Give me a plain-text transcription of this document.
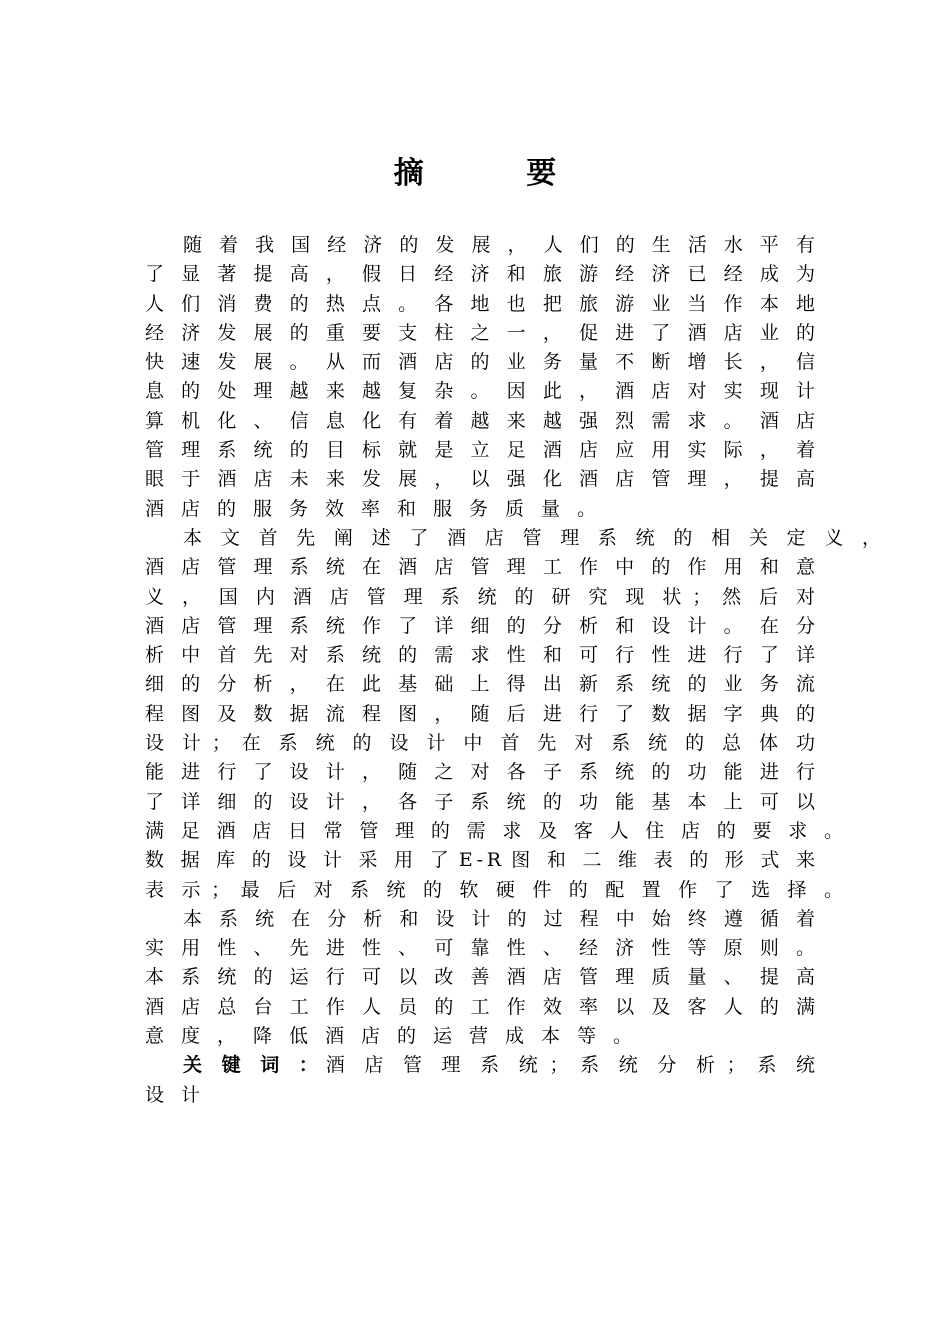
摘 要
随 着 我 国 经 济 的 发 展 ， 人 们 的 生 活 水 平 有
了 显 著 提 高 ， 假 日 经 济 和 旅 游 经 济 已 经 成 为
人 们 消 费 的 热 点 。 各 地 也 把 旅 游 业 当 作 本 地
经 济 发 展 的 重 要 支 柱 之 一 ， 促 进 了 酒 店 业 的
快 速 发 展 。 从 而 酒 店 的 业 务 量 不 断 增 长 ， 信
息 的 处 理 越 来 越 复 杂 。 因 此 ， 酒 店 对 实 现 计
算 机 化 、 信 息 化 有 着 越 来 越 强 烈 需 求 。 酒 店
管 理 系 统 的 目 标 就 是 立 足 酒 店 应 用 实 际 ， 着
眼 于 酒 店 未 来 发 展 ， 以 强 化 酒 店 管 理 ， 提 高
酒店的服务效率和服务质量。
本 文 首 先 阐 述 了 酒 店 管 理 系 统 的 相 关 定 义 ，
酒 店 管 理 系 统 在 酒 店 管 理 工 作 中 的 作 用 和 意
义 ， 国 内 酒 店 管 理 系 统 的 研 究 现 状 ； 然 后 对
酒 店 管 理 系 统 作 了 详 细 的 分 析 和 设 计 。 在 分
析 中 首 先 对 系 统 的 需 求 性 和 可 行 性 进 行 了 详
细 的 分 析 ， 在 此 基 础 上 得 出 新 系 统 的 业 务 流
程 图 及 数 据 流 程 图 ， 随 后 进 行 了 数 据 字 典 的
设 计 ； 在 系 统 的 设 计 中 首 先 对 系 统 的 总 体 功
能 进 行 了 设 计 ， 随 之 对 各 子 系 统 的 功 能 进 行
了 详 细 的 设 计 ， 各 子 系 统 的 功 能 基 本 上 可 以
满 足 酒 店 日 常 管 理 的 需 求 及 客 人 住 店 的 要 求 。
数 据 库 的 设 计 采 用 了 E - R 图 和 二 维 表 的 形 式 来
表 示 ； 最 后 对 系 统 的 软 硬 件 的 配 置 作 了 选 择 。
本 系 统 在 分 析 和 设 计 的 过 程 中 始 终 遵 循 着
实 用 性 、 先 进 性 、 可 靠 性 、 经 济 性 等 原 则 。
本 系 统 的 运 行 可 以 改 善 酒 店 管 理 质 量 、 提 高
酒 店 总 台 工 作 人 员 的 工 作 效 率 以 及 客 人 的 满
意度，降低酒店的运营成本等。
关 键 词 ：酒 店 管 理 系 统 ； 系 统 分 析 ； 系 统
设计
